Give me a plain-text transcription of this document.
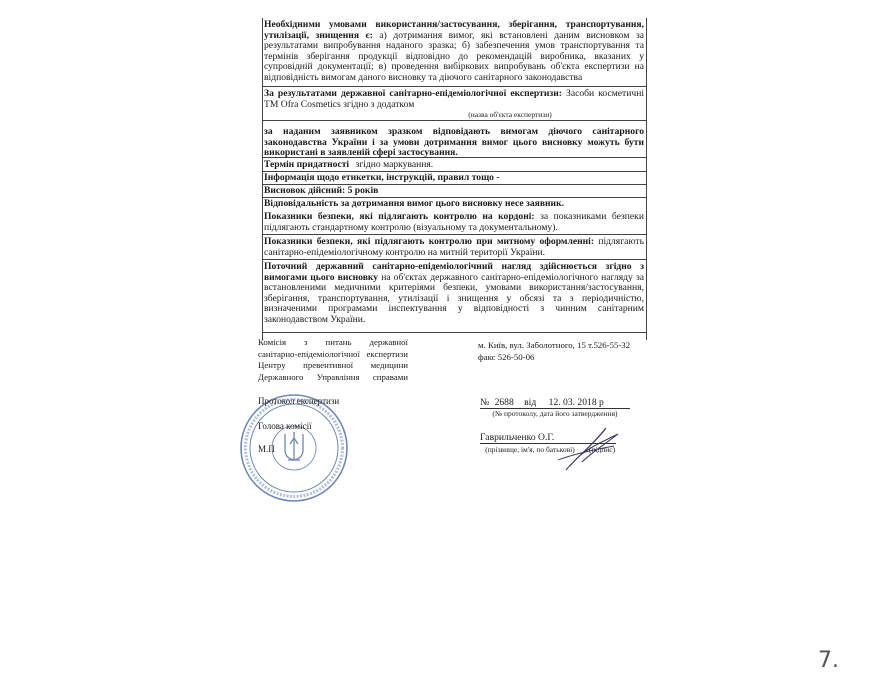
Необхідними умовами використання/застосування, зберігання, транспортування, утилізації, знищення є: а) дотримання вимог, які встановлені даним висновком за результатами випробування наданого зразка; б) забезпечення умов транспортування та термінів зберігання продукції відповідно до рекомендацій виробника, вказаних у супровідній документації; в) проведення вибіркових випробувань об'єкта експертизи на відповідність вимогам даного висновку та діючого санітарного законодавства
За результатами державної санітарно-епідеміологічної експертизи: Засоби косметичні TM Ofra Cosmetics згідно з додатком
(назва об'єкта експертизи)
за наданим заявником зразком відповідають вимогам діючого санітарного законодавства України і за умови дотримання вимог цього висновку можуть бути використані в заявленій сфері застосування.
Термін придатності згідно маркування.
Інформація щодо етикетки, інструкцій, правил тощо -
Висновок дійсний: 5 років
Відповідальність за дотримання вимог цього висновку несе заявник.
Показники безпеки, які підлягають контролю на кордоні: за показниками безпеки підлягають стандартному контролю (візуальному та документальному).
Показники безпеки, які підлягають контролю при митному оформленні: підлягають санітарно-епідеміологічному контролю на митній території України.
Поточний державний санітарно-епідеміологічний нагляд здійснюється згідно з вимогами цього висновку на об'єктах державного санітарно-епідеміологічного нагляду за встановленими медичними критеріями безпеки, умовами використання/застосування, зберігання, транспортування, утилізації і знищення у обсязі та з періодичністю, визначеними програмами інспектування у відповідності з чинним санітарним законодавством України.
Комісія з питань державної
санітарно-епідеміологічної експертизи
Центру превентивної медицини
Державного Управління справами
м. Київ, вул. Заболотного, 15 т.526-55-32
факс 526-50-06
Протокол експертизи
Голова комісії
М.П
№ 2688 від 12. 03. 2018 р
(№ протоколу, дата його затвердження)
Гаврильченко О.Г.
(прізвище, ім'я, по батькові)	(підпис)
7.
